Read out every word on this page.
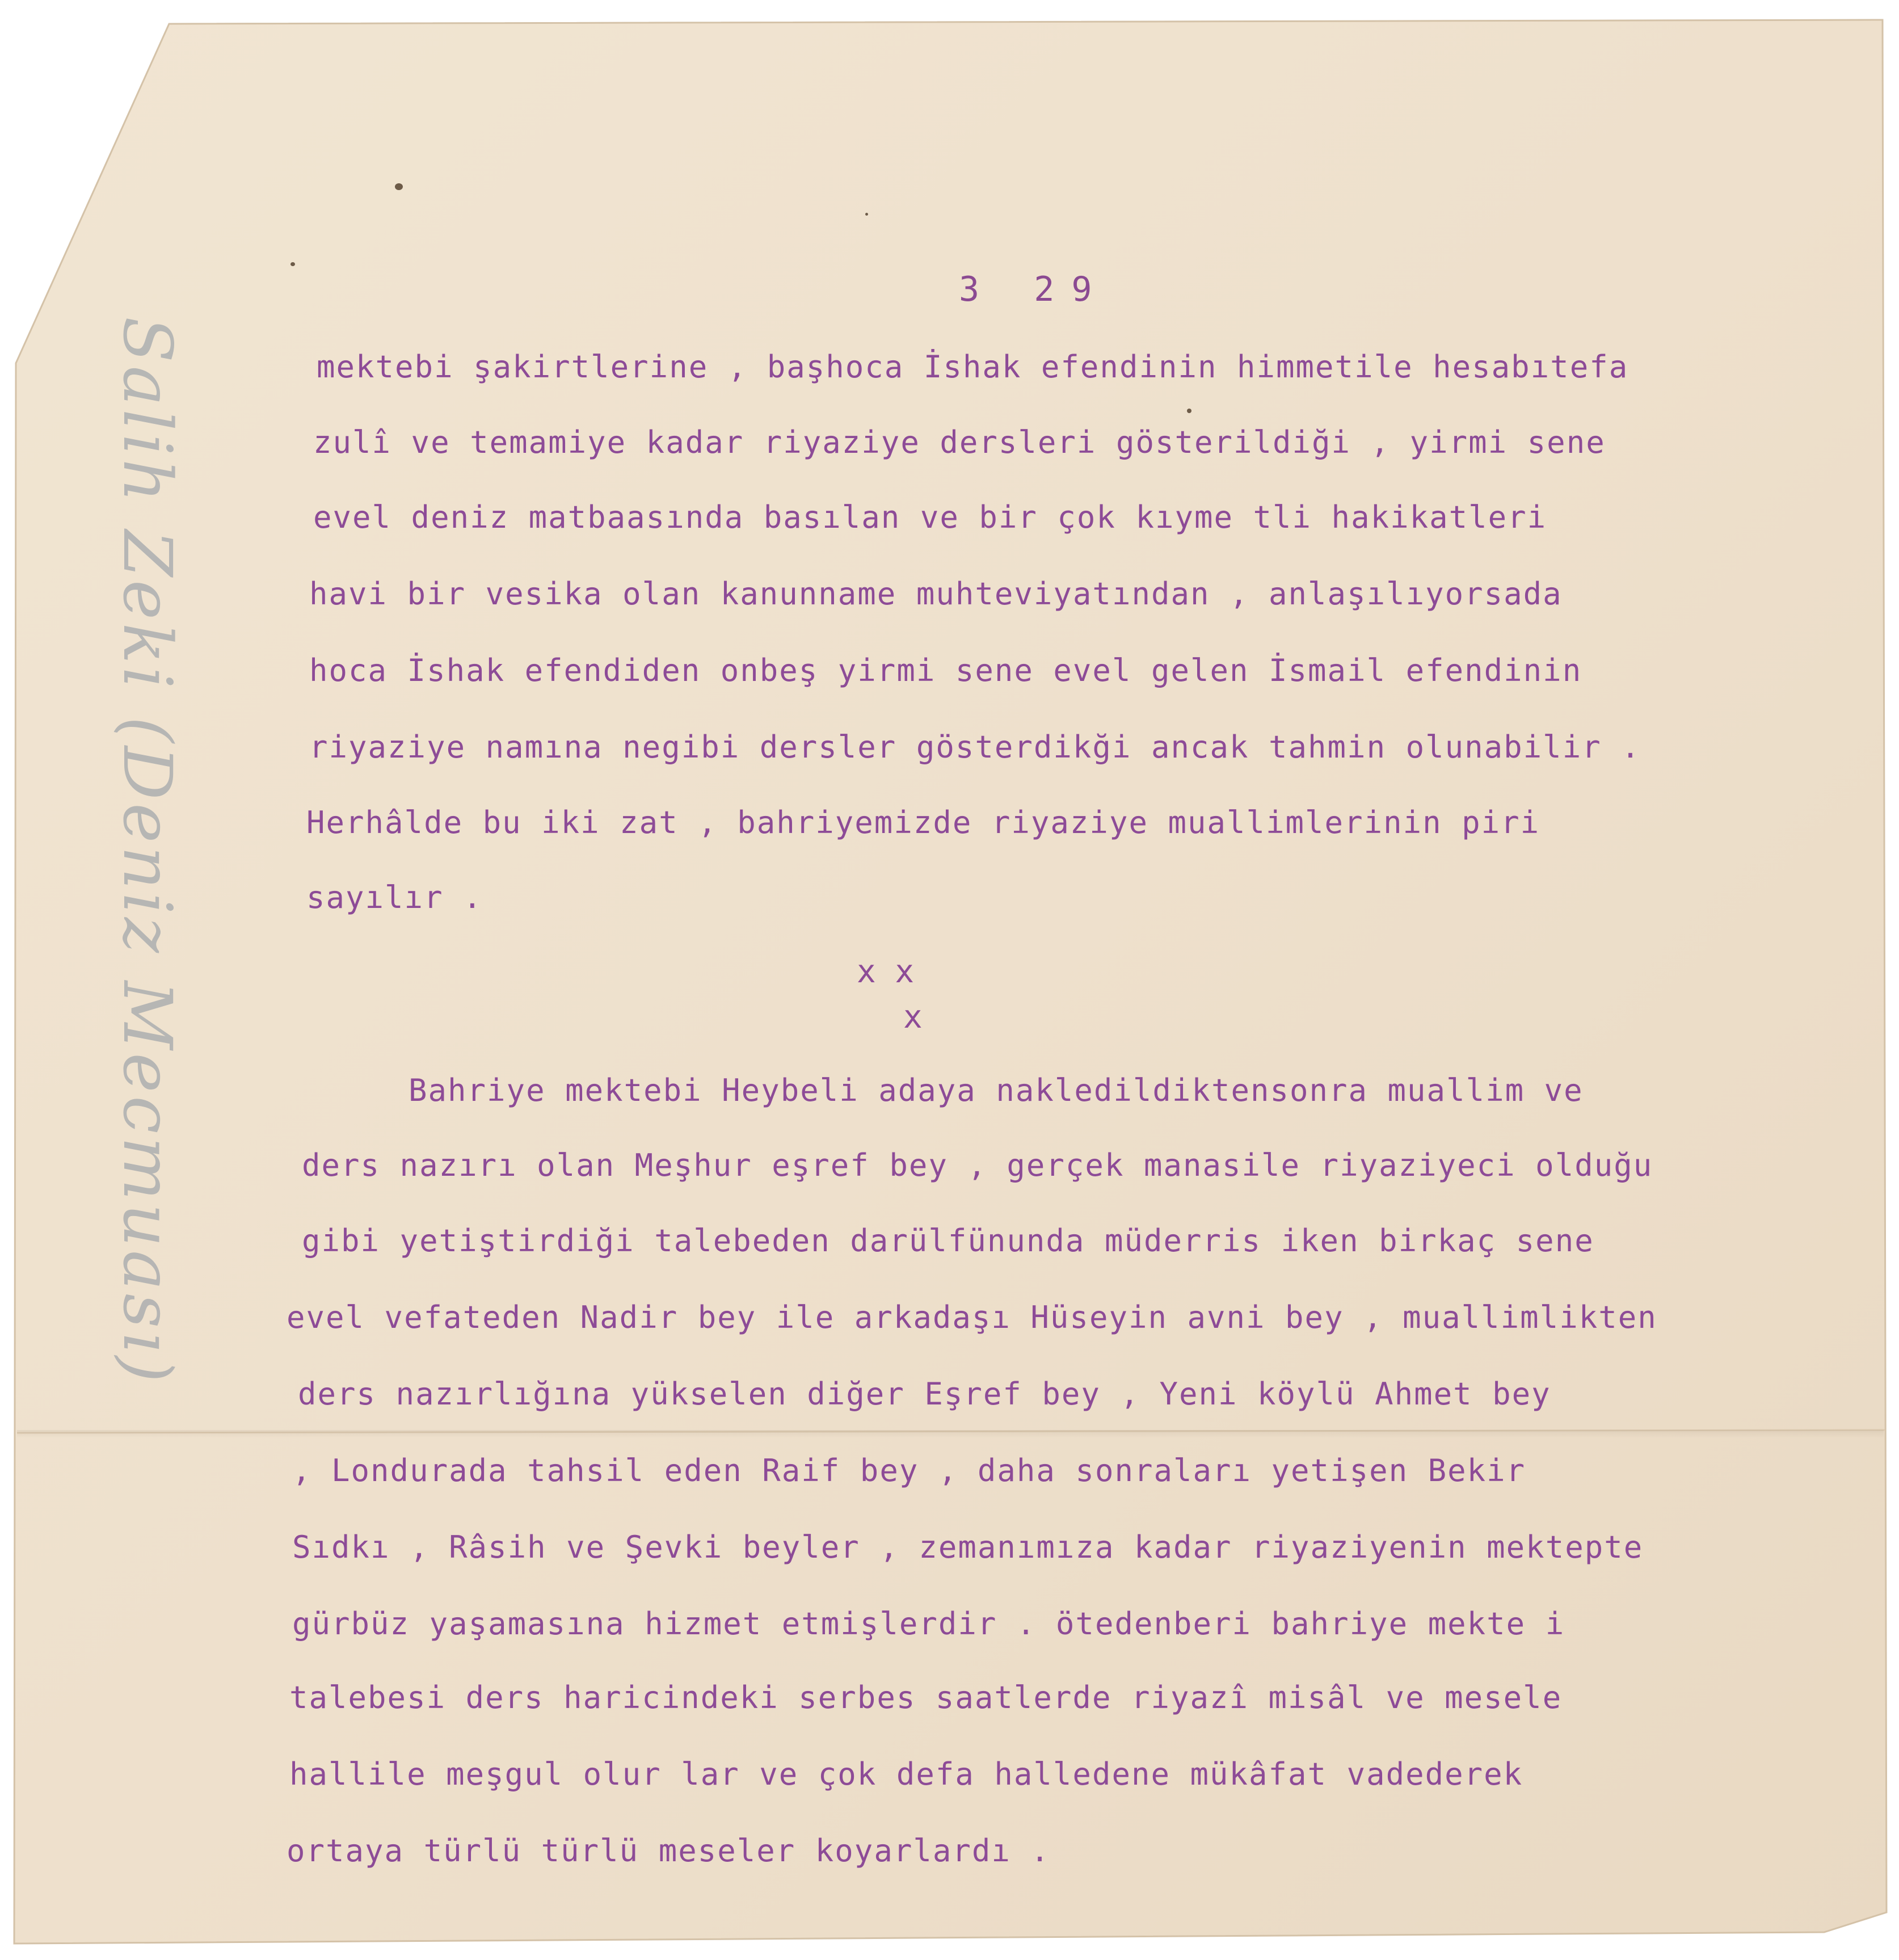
Salih Zeki (Deniz Mecmuası)
3 29
mektebi şakirtlerine , başhoca İshak efendinin himmetile hesabıtefa
zulî ve temamiye kadar riyaziye dersleri gösterildiği , yirmi sene
evel deniz matbaasında basılan ve bir çok kıyme tli hakikatleri
havi bir vesika olan kanunname muhteviyatından , anlaşılıyorsada
hoca İshak efendiden onbeş yirmi sene evel gelen İsmail efendinin
riyaziye namına negibi dersler gösterdikği ancak tahmin olunabilir .
Herhâlde bu iki zat , bahriyemizde riyaziye muallimlerinin piri
sayılır .
x x
x
Bahriye mektebi Heybeli adaya nakledildiktensonra muallim ve
ders nazırı olan Meşhur eşref bey , gerçek manasile riyaziyeci olduğu
gibi yetiştirdiği talebeden darülfünunda müderris iken birkaç sene
evel vefateden Nadir bey ile arkadaşı Hüseyin avni bey , muallimlikten
ders nazırlığına yükselen diğer Eşref bey , Yeni köylü Ahmet bey
, Londurada tahsil eden Raif bey , daha sonraları yetişen Bekir
Sıdkı , Râsih ve Şevki beyler , zemanımıza kadar riyaziyenin mektepte
gürbüz yaşamasına hizmet etmişlerdir . ötedenberi bahriye mekte i
talebesi ders haricindeki serbes saatlerde riyazî misâl ve mesele
hallile meşgul olur lar ve çok defa halledene mükâfat vadederek
ortaya türlü türlü meseler koyarlardı .
